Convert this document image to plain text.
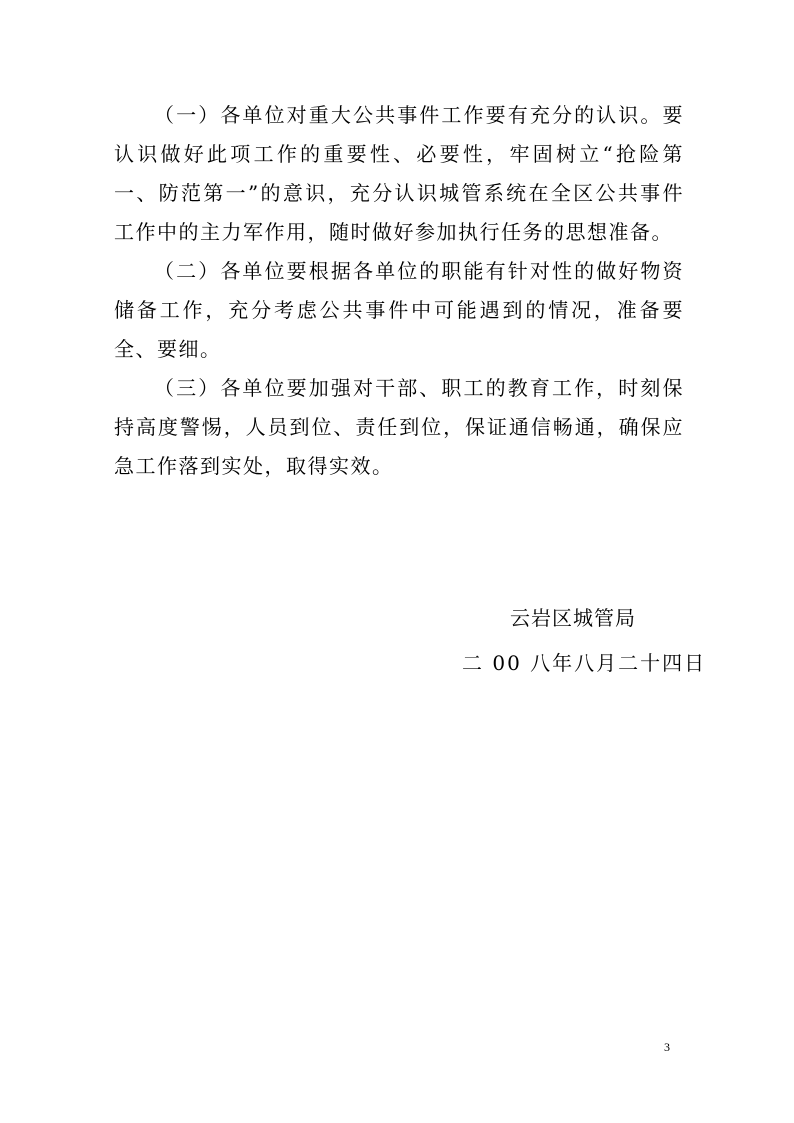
（一）各单位对重大公共事件工作要有充分的认识。要认识做好此项工作的重要性、必要性，牢固树立“抢险第一、防范第一”的意识，充分认识城管系统在全区公共事件工作中的主力军作用，随时做好参加执行任务的思想准备。

（二）各单位要根据各单位的职能有针对性的做好物资储备工作，充分考虑公共事件中可能遇到的情况，准备要全、要细。

（三）各单位要加强对干部、职工的教育工作，时刻保持高度警惕，人员到位、责任到位，保证通信畅通，确保应急工作落到实处，取得实效。

云岩区城管局
二 00 八年八月二十四日
3
